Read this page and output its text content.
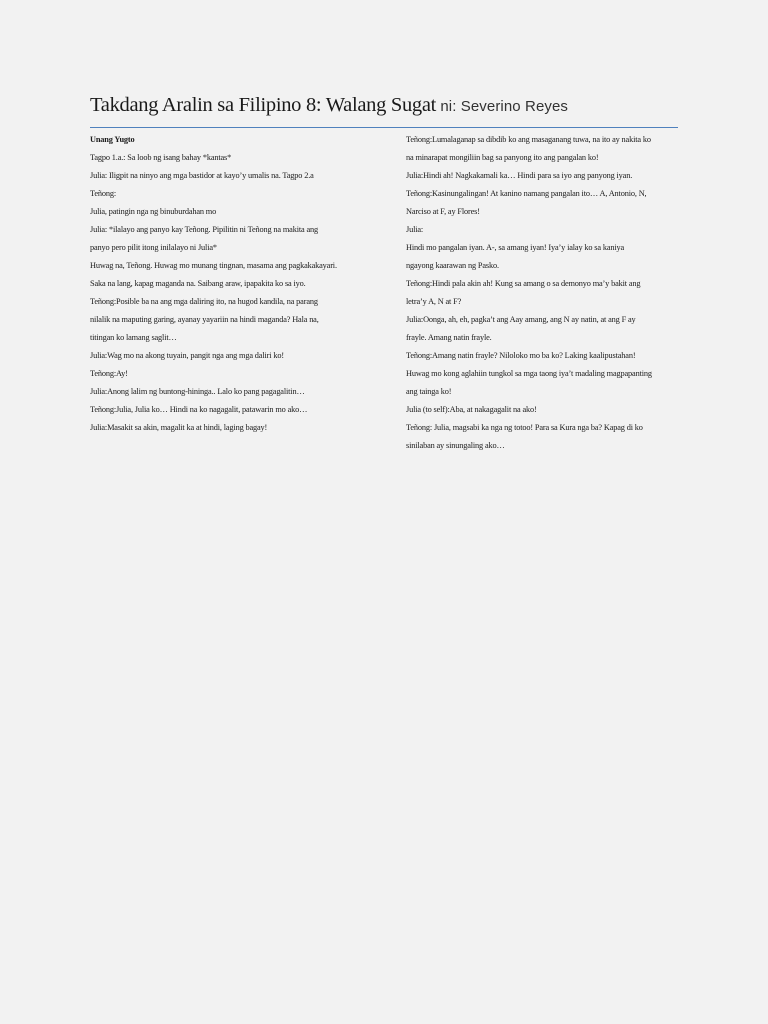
Takdang Aralin sa Filipino 8: Walang Sugat ni: Severino Reyes
Unang Yugto
Tagpo 1.a.: Sa loob ng isang bahay *kantas*
Julia: Iligpit na ninyo ang mga bastidor at kayo’y umalis na. Tagpo 2.a
Teñong:
Julia, patingin nga ng binuburdahan mo
Julia: *ilalayo ang panyo kay Teñong. Pipilitin ni Teñong na makita ang
panyo pero pilit itong inilalayo ni Julia*
Huwag na, Teñong. Huwag mo munang tingnan, masama ang pagkakakayari.
Saka na lang, kapag maganda na. Saibang araw, ipapakita ko sa iyo.
Teñong:Posible ba na ang mga daliring ito, na hugod kandila, na parang
nilalik na maputing garing, ayanay yayariin na hindi maganda? Hala na,
titingan ko lamang saglit…
Julia:Wag mo na akong tuyain, pangit nga ang mga daliri ko!
Teñong:Ay!
Julia:Anong lalim ng buntong-hininga.. Lalo ko pang pagagalitin…
Teñong:Julia, Julia ko… Hindi na ko nagagalit, patawarin mo ako…
Julia:Masakit sa akin, magalit ka at hindi, laging bagay!
Teñong:Lumalaganap sa dibdib ko ang masaganang tuwa, na ito ay nakita ko
na minarapat mongiliin bag sa panyong ito ang pangalan ko!
Julia:Hindi ah! Nagkakamali ka… Hindi para sa iyo ang panyong iyan.
Teñong:Kasinungalingan! At kanino namang pangalan ito… A, Antonio, N,
Narciso at F, ay Flores!
Julia:
Hindi mo pangalan iyan. A-, sa amang iyan! Iya’y ialay ko sa kaniya
ngayong kaarawan ng Pasko.
Teñong:Hindi pala akin ah! Kung sa amang o sa demonyo ma’y bakit ang
letra’y A, N at F?
Julia:Oonga, ah, eh, pagka’t ang Aay amang, ang N ay natin, at ang F ay
frayle. Amang natin frayle.
Teñong:Amang natin frayle? Niloloko mo ba ko? Laking kaalipustahan!
Huwag mo kong aglahiin tungkol sa mga taong iya’t madaling magpapanting
ang tainga ko!
Julia (to self):Aba, at nakagagalit na ako!
Teñong: Julia, magsabi ka nga ng totoo! Para sa Kura nga ba? Kapag di ko
sinilaban ay sinungaling ako…
